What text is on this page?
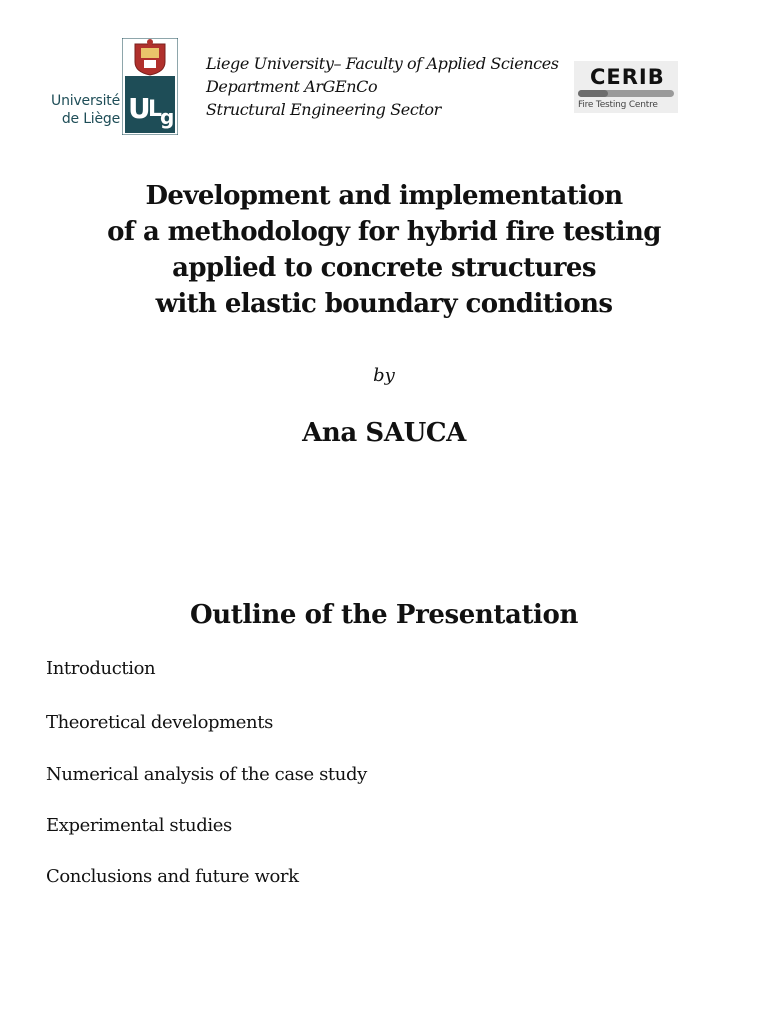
Université
de Liège U
L
g
Liege University– Faculty of Applied Sciences
Department ArGEnCo
Structural Engineering Sector
CERIB
Fire Testing Centre
Development and implementation
of a methodology for hybrid fire testing
applied to concrete structures
with elastic boundary conditions
by
Ana SAUCA
Outline of the Presentation
Introduction
Theoretical developments
Numerical analysis of the case study
Experimental studies
Conclusions and future work
